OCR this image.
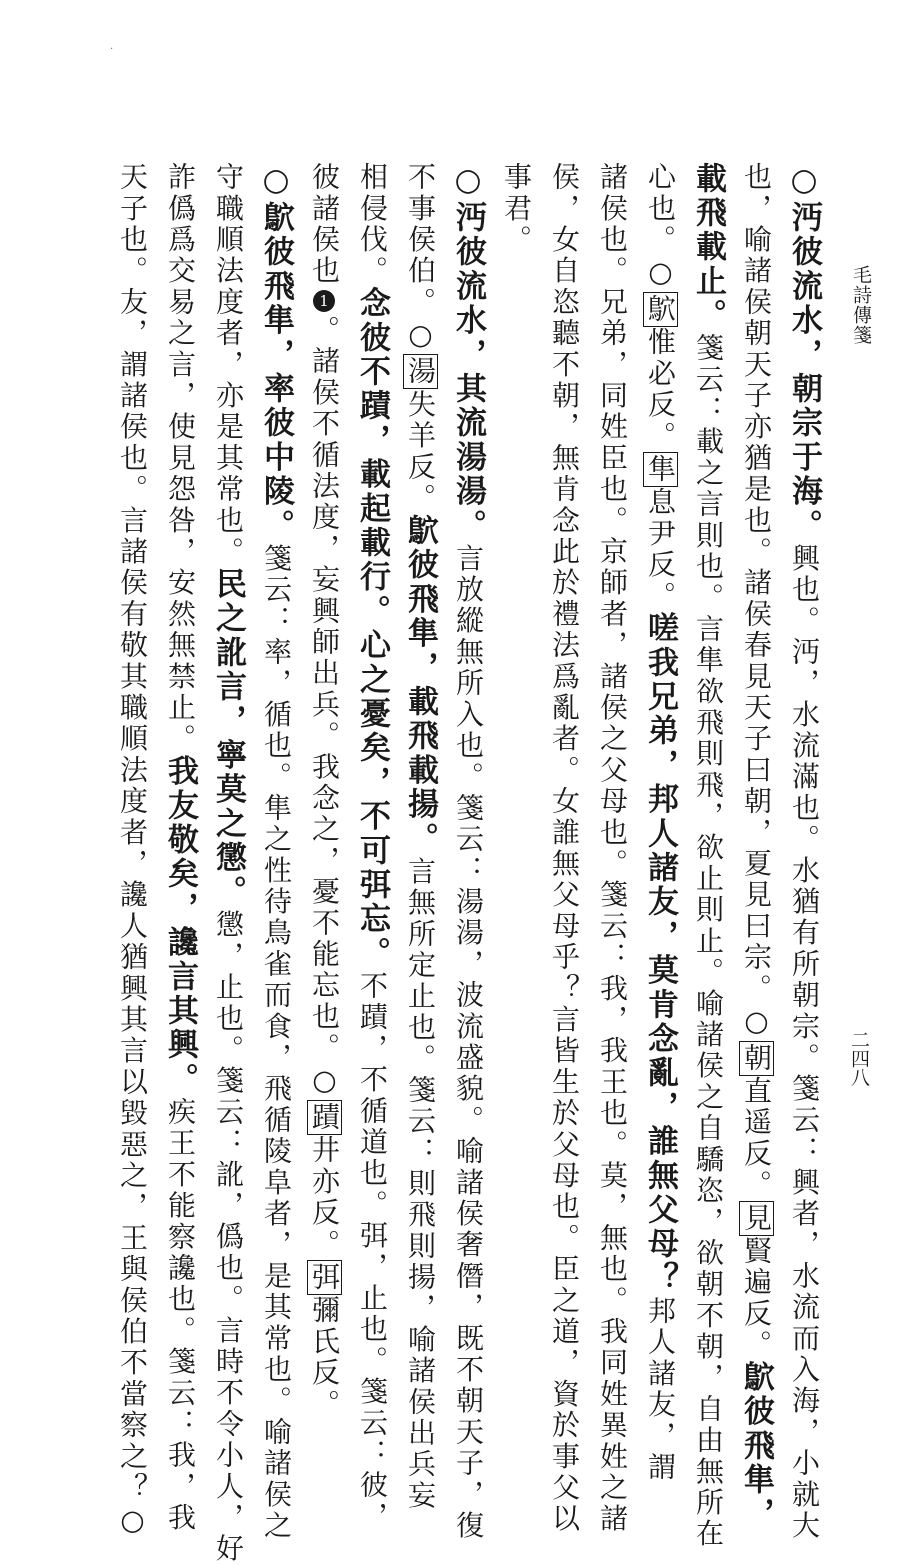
·
毛詩傳箋
二四八
○沔彼流水，朝宗于海。興也。沔，水流滿也。水猶有所朝宗。箋云：興者，水流而入海，小就大
也，喻諸侯朝天子亦猶是也。諸侯春見天子曰朝，夏見曰宗。○朝直遥反。見賢遍反。鴥彼飛隼，
載飛載止。箋云：載之言則也。言隼欲飛則飛，欲止則止。喻諸侯之自驕恣，欲朝不朝，自由無所在
心也。○鴥惟必反。隼息尹反。嗟我兄弟，邦人諸友，莫肯念亂，誰無父母？邦人諸友，謂
諸侯也。兄弟，同姓臣也。京師者，諸侯之父母也。箋云：我，我王也。莫，無也。我同姓異姓之諸
侯，女自恣聽不朝，無肯念此於禮法爲亂者。女誰無父母乎？言皆生於父母也。臣之道，資於事父以
事君。
○沔彼流水，其流湯湯。言放縱無所入也。箋云：湯湯，波流盛貌。喻諸侯奢僭，既不朝天子，復
不事侯伯。○湯失羊反。鴥彼飛隼，載飛載揚。言無所定止也。箋云：則飛則揚，喻諸侯出兵妄
相侵伐。念彼不蹟，載起載行。心之憂矣，不可弭忘。不蹟，不循道也。弭，止也。箋云：彼，
彼諸侯也1。諸侯不循法度，妄興師出兵。我念之，憂不能忘也。○蹟井亦反。弭彌氏反。
○鴥彼飛隼，率彼中陵。箋云：率，循也。隼之性待鳥雀而食，飛循陵阜者，是其常也。喻諸侯之
守職順法度者，亦是其常也。民之訛言，寧莫之懲。懲，止也。箋云：訛，僞也。言時不令小人，好
詐僞爲交易之言，使見怨咎，安然無禁止。我友敬矣，讒言其興。疾王不能察讒也。箋云：我，我
天子也。友，謂諸侯也。言諸侯有敬其職順法度者，讒人猶興其言以毀惡之，王與侯伯不當察之？○
